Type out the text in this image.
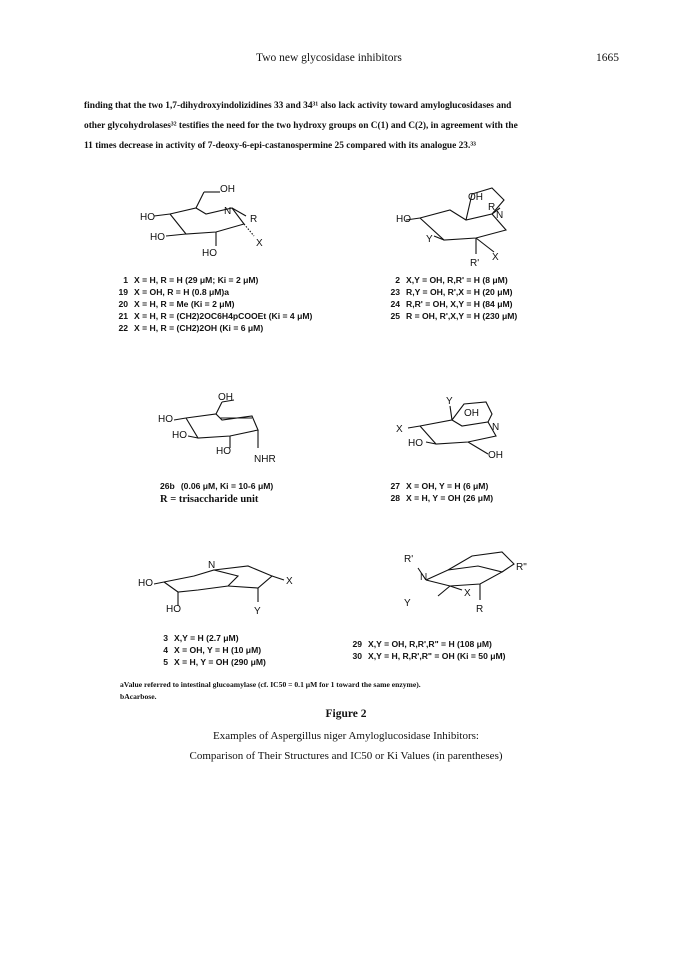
Two new glycosidase inhibitors	1665
finding that the two 1,7-dihydroxyindolizidines 33 and 34³¹ also lack activity toward amyloglucosidases and
other glycohydrolases³² testifies the need for the two hydroxy groups on C(1) and C(2), in agreement with the
11 times decrease in activity of 7-deoxy-6-epi-castanospermine 25 compared with its analogue 23.³³
OH
HO
N
R
HO
HO
X
OH
R
N
HO
Y
R'
X
1 X = H, R = H (29 μM; Ki = 2 μM)
19 X = OH, R = H (0.8 μM)a
20 X = H, R = Me (Ki = 2 μM)
21 X = H, R = (CH2)2OC6H4pCOOEt (Ki = 4 μM)
22 X = H, R = (CH2)2OH (Ki = 6 μM)
2 X,Y = OH, R,R' = H (8 μM)
23 R,Y = OH, R',X = H (20 μM)
24 R,R' = OH, X,Y = H (84 μM)
25 R = OH, R',X,Y = H (230 μM)
OH
HO
HO
HO
NHR
Y
OH
X	N
HO
OH
26b (0.06 μM, Ki = 10-6 μM)
R = trisaccharide unit
27 X = OH, Y = H (6 μM)
28 X = H, Y = OH (26 μM)
N
HO	X
HO	Y
R'
R"
N
X
Y
R
3 X,Y = H (2.7 μM)
4 X = OH, Y = H (10 μM)
5 X = H, Y = OH (290 μM)
29 X,Y = OH, R,R',R" = H (108 μM)
30 X,Y = H, R,R',R" = OH (Ki = 50 μM)
aValue referred to intestinal glucoamylase (cf. IC50 = 0.1 μM for 1 toward the same enzyme).
bAcarbose.
Figure 2
Examples of Aspergillus niger Amyloglucosidase Inhibitors:
Comparison of Their Structures and IC50 or Ki Values (in parentheses)
